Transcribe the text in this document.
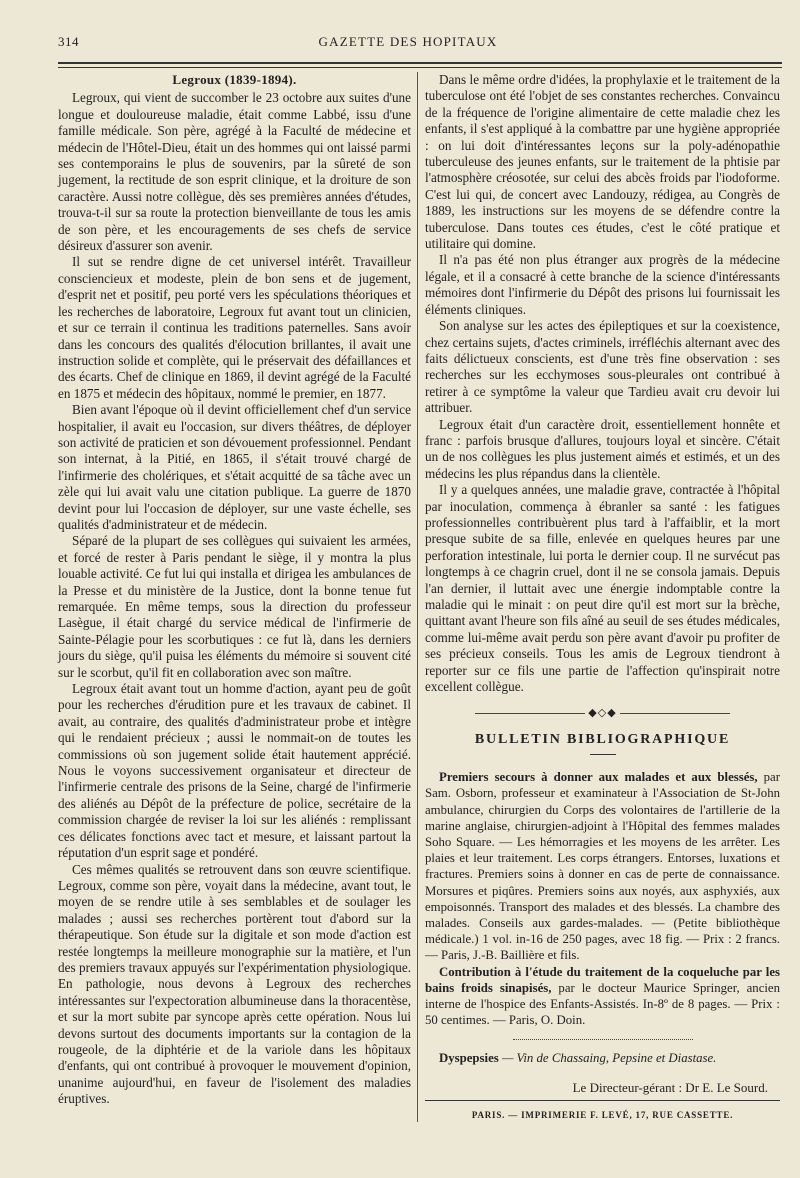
314	GAZETTE DES HOPITAUX
Legroux (1839-1894).

Legroux, qui vient de succomber le 23 octobre aux suites d'une longue et douloureuse maladie, était comme Labbé, issu d'une famille médicale. Son père, agrégé à la Faculté de médecine et médecin de l'Hôtel-Dieu, était un des hommes qui ont laissé parmi ses contemporains le plus de souvenirs, par la sûreté de son jugement, la rectitude de son esprit clinique, et la droiture de son caractère. Aussi notre collègue, dès ses premières années d'études, trouva-t-il sur sa route la protection bienveillante de tous les amis de son père, et les encouragements de ses chefs de service désireux d'assurer son avenir.

Il sut se rendre digne de cet universel intérêt. Travailleur consciencieux et modeste, plein de bon sens et de jugement, d'esprit net et positif, peu porté vers les spéculations théoriques et les recherches de laboratoire, Legroux fut avant tout un clinicien, et sur ce terrain il continua les traditions paternelles. Sans avoir dans les concours des qualités d'élocution brillantes, il avait une instruction solide et complète, qui le préservait des défaillances et des écarts. Chef de clinique en 1869, il devint agrégé de la Faculté en 1875 et médecin des hôpitaux, nommé le premier, en 1877.

Bien avant l'époque où il devint officiellement chef d'un service hospitalier, il avait eu l'occasion, sur divers théâtres, de déployer son activité de praticien et son dévouement professionnel. Pendant son internat, à la Pitié, en 1865, il s'était trouvé chargé de l'infirmerie des cholériques, et s'était acquitté de sa tâche avec un zèle qui lui avait valu une citation publique. La guerre de 1870 devint pour lui l'occasion de déployer, sur une vaste échelle, ses qualités d'administrateur et de médecin.

Séparé de la plupart de ses collègues qui suivaient les armées, et forcé de rester à Paris pendant le siège, il y montra la plus louable activité. Ce fut lui qui installa et dirigea les ambulances de la Presse et du ministère de la Justice, dont la bonne tenue fut remarquée. En même temps, sous la direction du professeur Lasègue, il était chargé du service médical de l'infirmerie de Sainte-Pélagie pour les scorbutiques : ce fut là, dans les derniers jours du siège, qu'il puisa les éléments du mémoire si souvent cité sur le scorbut, qu'il fit en collaboration avec son maître.

Legroux était avant tout un homme d'action, ayant peu de goût pour les recherches d'érudition pure et les travaux de cabinet. Il avait, au contraire, des qualités d'administrateur probe et intègre qui le rendaient précieux ; aussi le nommait-on de toutes les commissions où son jugement solide était hautement apprécié. Nous le voyons successivement organisateur et directeur de l'infirmerie centrale des prisons de la Seine, chargé de l'infirmerie des aliénés au Dépôt de la préfecture de police, secrétaire de la commission chargée de reviser la loi sur les aliénés : remplissant ces délicates fonctions avec tact et mesure, et laissant partout la réputation d'un esprit sage et pondéré.

Ces mêmes qualités se retrouvent dans son œuvre scientifique. Legroux, comme son père, voyait dans la médecine, avant tout, le moyen de se rendre utile à ses semblables et de soulager les malades ; aussi ses recherches portèrent tout d'abord sur la thérapeutique. Son étude sur la digitale et son mode d'action est restée longtemps la meilleure monographie sur la matière, et l'un des premiers travaux appuyés sur l'expérimentation physiologique. En pathologie, nous devons à Legroux des recherches intéressantes sur l'expectoration albumineuse dans la thoracentèse, et sur la mort subite par syncope après cette opération. Nous lui devons surtout des documents importants sur la contagion de la rougeole, de la diphtérie et de la variole dans les hôpitaux d'enfants, qui ont contribué à provoquer le mouvement d'opinion, unanime aujourd'hui, en faveur de l'isolement des maladies éruptives.

Dans le même ordre d'idées, la prophylaxie et le traitement de la tuberculose ont été l'objet de ses constantes recherches. Convaincu de la fréquence de l'origine alimentaire de cette maladie chez les enfants, il s'est appliqué à la combattre par une hygiène appropriée : on lui doit d'intéressantes leçons sur la poly-adénopathie tuberculeuse des jeunes enfants, sur le traitement de la phtisie par l'atmosphère créosotée, sur celui des abcès froids par l'iodoforme. C'est lui qui, de concert avec Landouzy, rédigea, au Congrès de 1889, les instructions sur les moyens de se défendre contre la tuberculose. Dans toutes ces études, c'est le côté pratique et utilitaire qui domine.

Il n'a pas été non plus étranger aux progrès de la médecine légale, et il a consacré à cette branche de la science d'intéressants mémoires dont l'infirmerie du Dépôt des prisons lui fournissait les éléments cliniques.

Son analyse sur les actes des épileptiques et sur la coexistence, chez certains sujets, d'actes criminels, irréfléchis alternant avec des faits délictueux conscients, est d'une très fine observation : ses recherches sur les ecchymoses sous-pleurales ont contribué à retirer à ce symptôme la valeur que Tardieu avait cru devoir lui attribuer.

Legroux était d'un caractère droit, essentiellement honnête et franc : parfois brusque d'allures, toujours loyal et sincère. C'était un de nos collègues les plus justement aimés et estimés, et un des médecins les plus répandus dans la clientèle.

Il y a quelques années, une maladie grave, contractée à l'hôpital par inoculation, commença à ébranler sa santé : les fatigues professionnelles contribuèrent plus tard à l'affaiblir, et la mort presque subite de sa fille, enlevée en quelques heures par une perforation intestinale, lui porta le dernier coup. Il ne survécut pas longtemps à ce chagrin cruel, dont il ne se consola jamais. Depuis l'an dernier, il luttait avec une énergie indomptable contre la maladie qui le minait : on peut dire qu'il est mort sur la brèche, quittant avant l'heure son fils aîné au seuil de ses études médicales, comme lui-même avait perdu son père avant d'avoir pu profiter de ses précieux conseils. Tous les amis de Legroux tiendront à reporter sur ce fils une partie de l'affection qu'inspirait notre excellent collègue.

◆◇◆
BULLETIN BIBLIOGRAPHIQUE

Premiers secours à donner aux malades et aux blessés, par Sam. Osborn, professeur et examinateur à l'Association de St-John ambulance, chirurgien du Corps des volontaires de l'artillerie de la marine anglaise, chirurgien-adjoint à l'Hôpital des femmes malades Soho Square. — Les hémorragies et les moyens de les arrêter. Les plaies et leur traitement. Les corps étrangers. Entorses, luxations et fractures. Premiers soins à donner en cas de perte de connaissance. Morsures et piqûres. Premiers soins aux noyés, aux asphyxiés, aux empoisonnés. Transport des malades et des blessés. La chambre des malades. Conseils aux gardes-malades. — (Petite bibliothèque médicale.) 1 vol. in-16 de 250 pages, avec 18 fig. — Prix : 2 francs. — Paris, J.-B. Baillière et fils.

Contribution à l'étude du traitement de la coqueluche par les bains froids sinapisés, par le docteur Maurice Springer, ancien interne de l'hospice des Enfants-Assistés. In-8º de 8 pages. — Prix : 50 centimes. — Paris, O. Doin.

Dyspepsies — Vin de Chassaing, Pepsine et Diastase.

Le Directeur-gérant : Dr E. Le Sourd.
PARIS. — IMPRIMERIE F. LEVÉ, 17, RUE CASSETTE.
